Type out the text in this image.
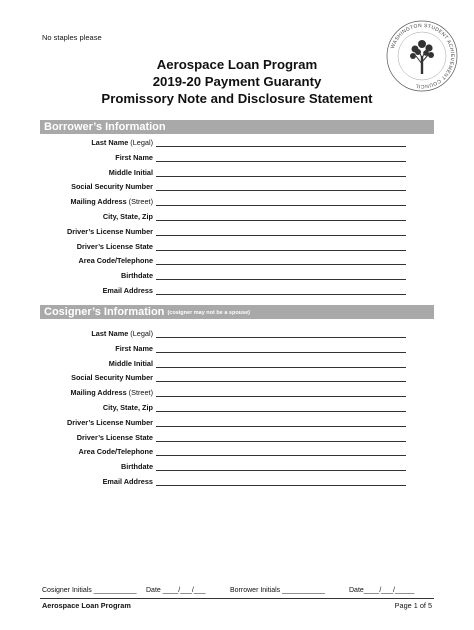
No staples please
WASHINGTON STUDENT ACHIEVEMENT COUNCIL
Aerospace Loan Program
2019-20 Payment Guaranty
Promissory Note and Disclosure Statement
Borrower’s Information
Last Name (Legal)
First Name
Middle Initial
Social Security Number
Mailing Address (Street)
City, State, Zip
Driver’s License Number
Driver’s License State
Area Code/Telephone
Birthdate
Email Address
Cosigner’s Information (cosigner may not be a spouse)
Last Name (Legal)
First Name
Middle Initial
Social Security Number
Mailing Address (Street)
City, State, Zip
Driver’s License Number
Driver’s License State
Area Code/Telephone
Birthdate
Email Address
Cosigner Initials ___________ Date ____/___/___	Borrower Initials ___________	Date____/___/_____
Aerospace Loan Program	Page 1 of 5
